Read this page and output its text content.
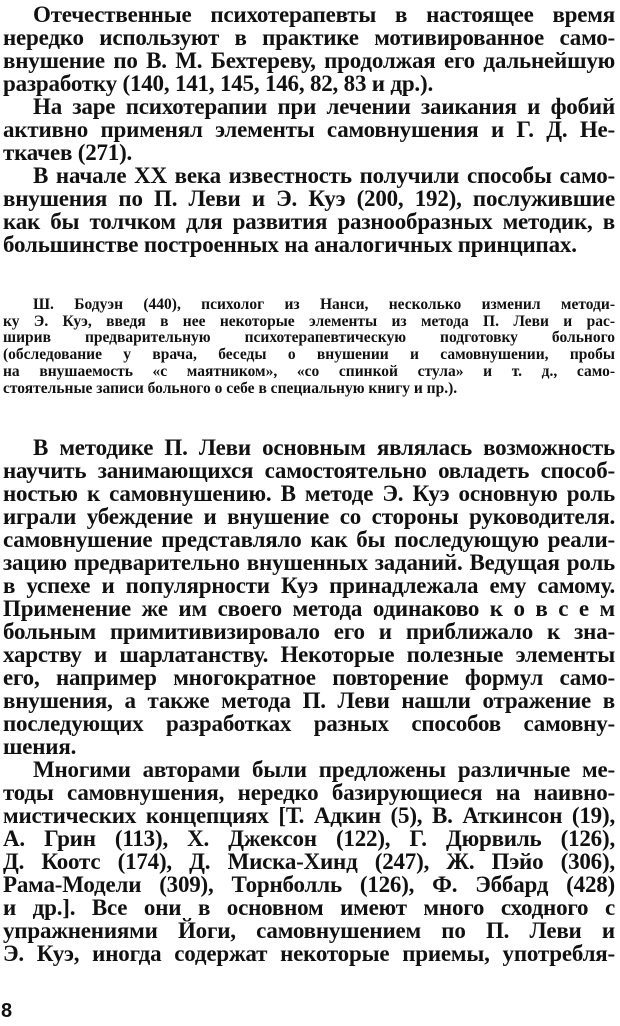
Отечественные психотерапевты в настоящее время
нередко используют в практике мотивированное само-
внушение по В. М. Бехтереву, продолжая его дальнейшую
разработку (140, 141, 145, 146, 82, 83 и др.).
На заре психотерапии при лечении заикания и фобий
активно применял элементы самовнушения и Г. Д. Не-
ткачев (271).
В начале XX века известность получили способы само-
внушения по П. Леви и Э. Куэ (200, 192), послужившие
как бы толчком для развития разнообразных методик, в
большинстве построенных на аналогичных принципах.
Ш. Бодуэн (440), психолог из Нанси, несколько изменил методи-
ку Э. Куэ, введя в нее некоторые элементы из метода П. Леви и рас-
ширив предварительную психотерапевтическую подготовку больного
(обследование у врача, беседы о внушении и самовнушении, пробы
на внушаемость «с маятником», «со спинкой стула» и т. д., само-
стоятельные записи больного о себе в специальную книгу и пр.).
В методике П. Леви основным являлась возможность
научить занимающихся самостоятельно овладеть способ-
ностью к самовнушению. В методе Э. Куэ основную роль
играли убеждение и внушение со стороны руководителя.
самовнушение представляло как бы последующую реали-
зацию предварительно внушенных заданий. Ведущая роль
в успехе и популярности Куэ принадлежала ему самому.
Применение же им своего метода одинаково к о в с е м
больным примитивизировало его и приближало к зна-
харству и шарлатанству. Некоторые полезные элементы
его, например многократное повторение формул само-
внушения, а также метода П. Леви нашли отражение в
последующих разработках разных способов самовну-
шения.
Многими авторами были предложены различные ме-
тоды самовнушения, нередко базирующиеся на наивно-
мистических концепциях [Т. Адкин (5), В. Аткинсон (19),
А. Грин (113), Х. Джексон (122), Г. Дюрвиль (126),
Д. Коотс (174), Д. Миска-Хинд (247), Ж. Пэйо (306),
Рама-Модели (309), Торнболль (126), Ф. Эббард (428)
и др.]. Все они в основном имеют много сходного с
упражнениями Йоги, самовнушением по П. Леви и
Э. Куэ, иногда содержат некоторые приемы, употребля-
8
